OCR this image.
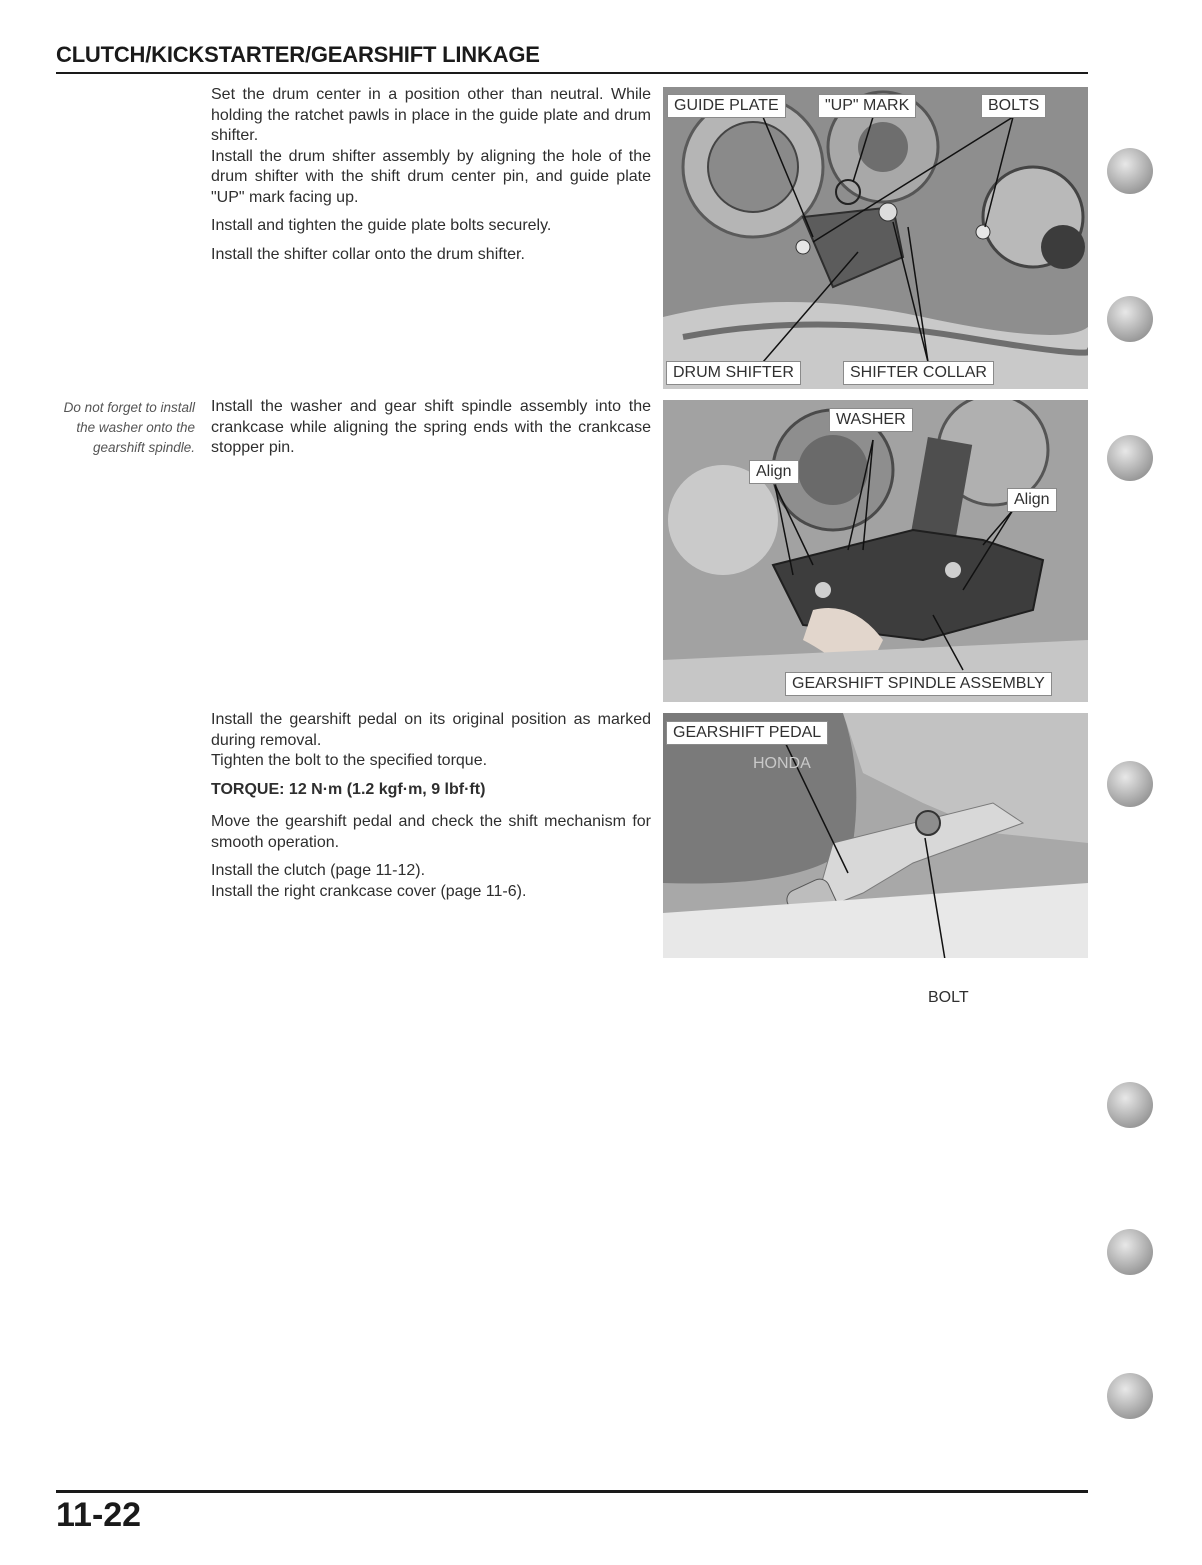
CLUTCH/KICKSTARTER/GEARSHIFT LINKAGE

Set the drum center in a position other than neutral. While holding the ratchet pawls in place in the guide plate and drum shifter.

Install the drum shifter assembly by aligning the hole of the drum shifter with the shift drum center pin, and guide plate "UP" mark facing up.

Install and tighten the guide plate bolts securely.

Install the shifter collar onto the drum shifter.

Do not forget to install the washer onto the gearshift spindle.

Install the washer and gear shift spindle assembly into the crankcase while aligning the spring ends with the crankcase stopper pin.

Install the gearshift pedal on its original position as marked during removal.

Tighten the bolt to the specified torque.

TORQUE: 12 N·m (1.2 kgf·m, 9 lbf·ft)

Move the gearshift pedal and check the shift mechanism for smooth operation.

Install the clutch (page 11-12).

Install the right crankcase cover (page 11-6).

GUIDE PLATE	"UP" MARK	BOLTS
DRUM SHIFTER	SHIFTER COLLAR
WASHER
Align
Align
GEARSHIFT SPINDLE ASSEMBLY
HONDA
GEARSHIFT PEDAL
BOLT
11-22
